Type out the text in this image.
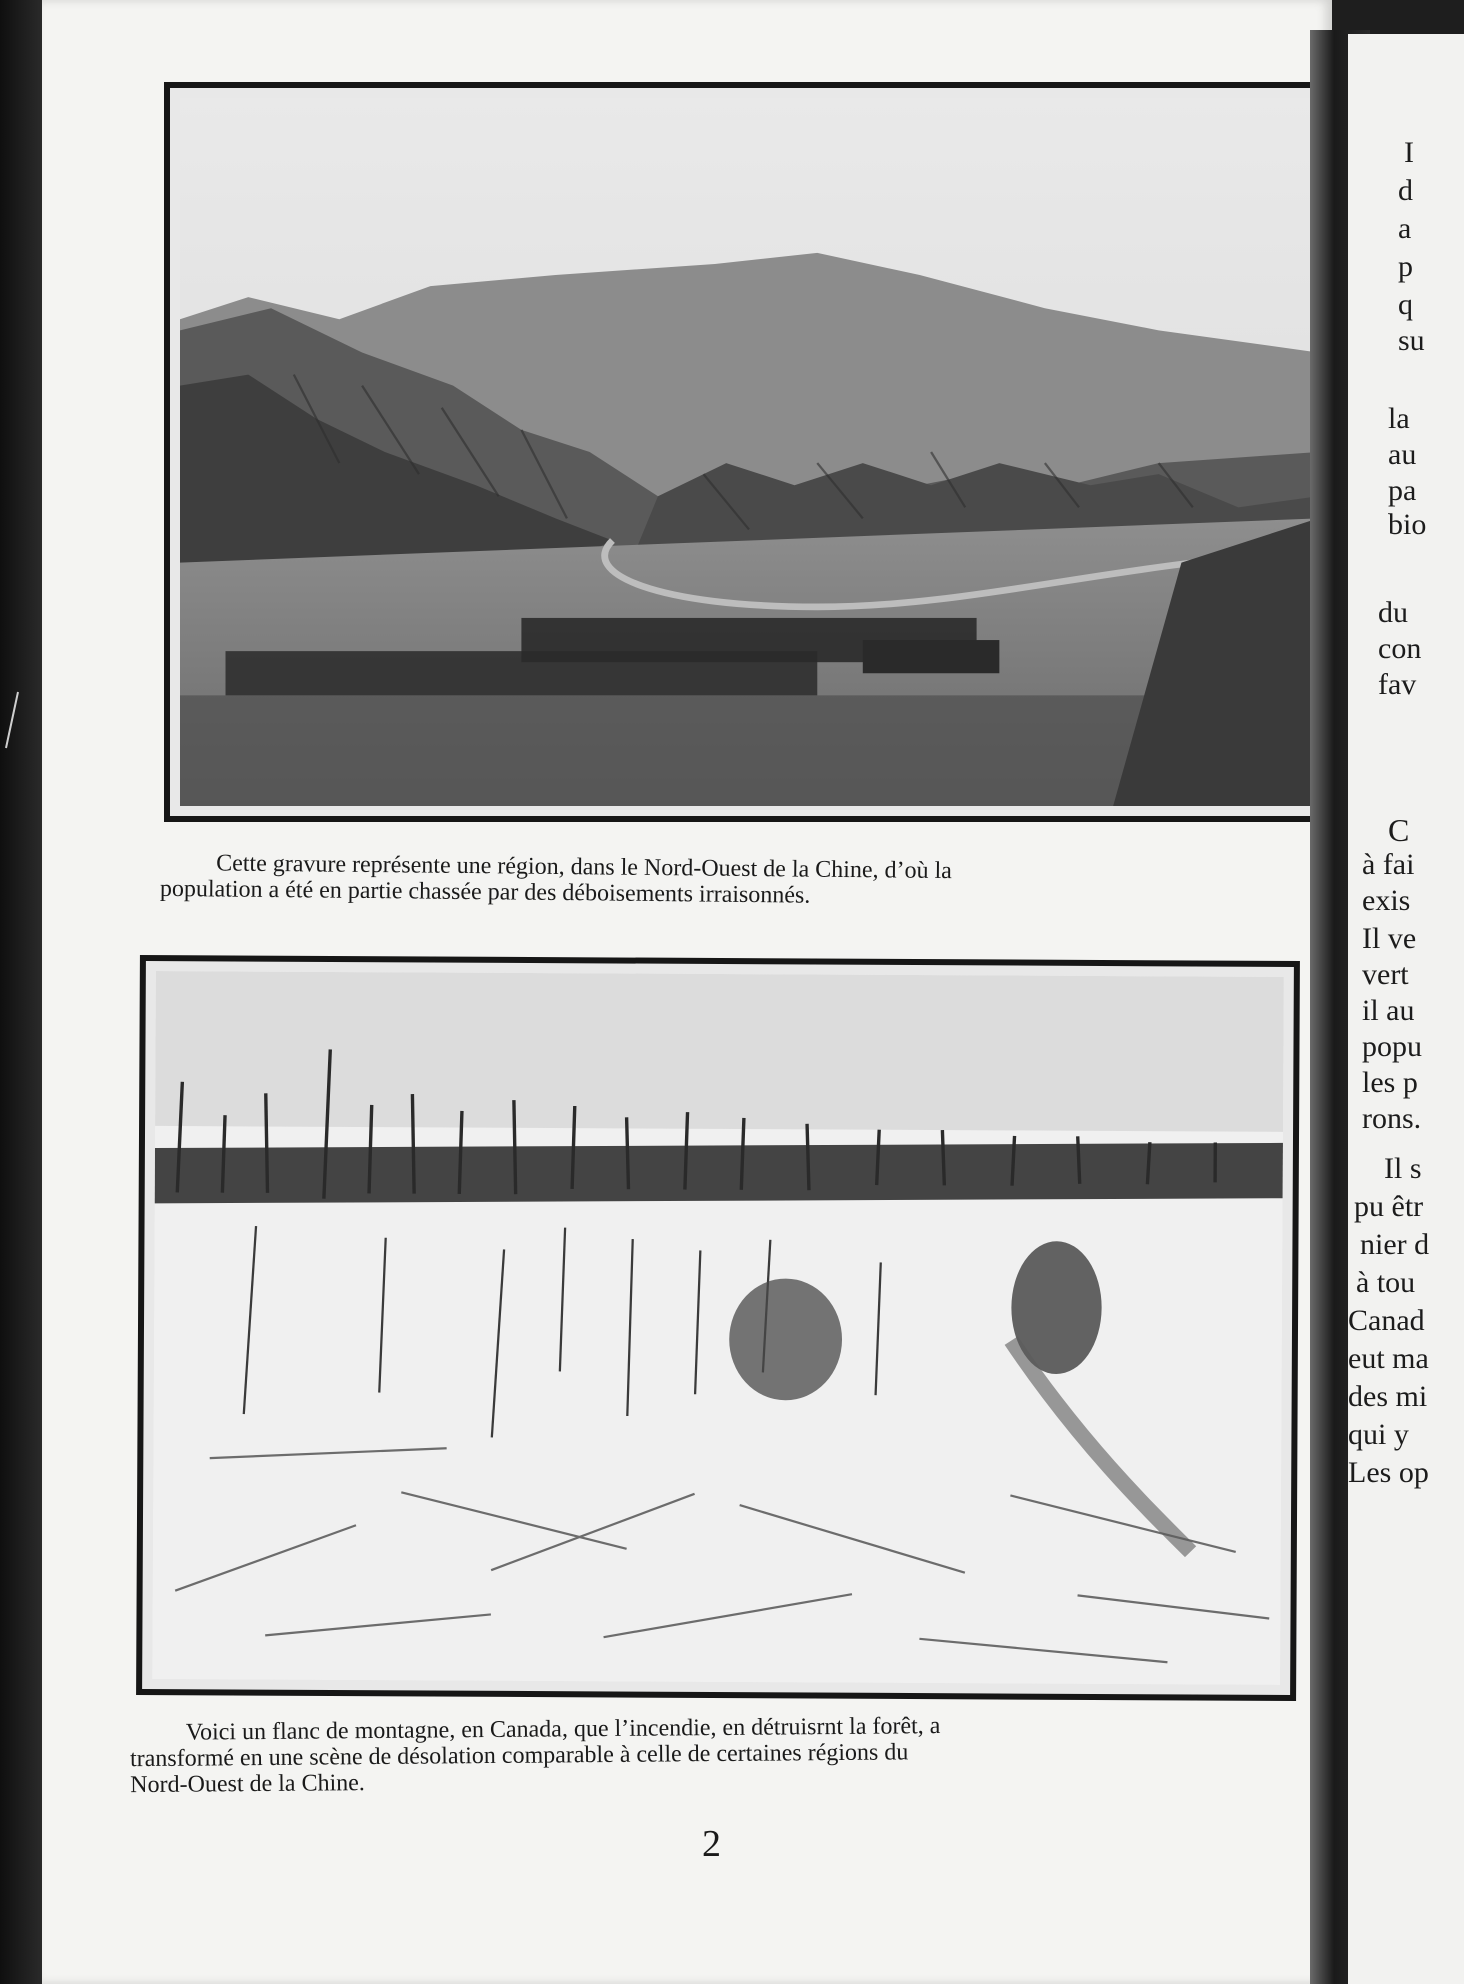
Cette gravure représente une région, dans le Nord-Ouest de la Chine, d’où la
population a été en partie chassée par des déboisements irraisonnés.
Voici un flanc de montagne, en Canada, que l’incendie, en détruisrnt la forêt, a
transformé en une scène de désolation comparable à celle de certaines régions du
Nord-Ouest de la Chine.
2
I
d
a
p
q
su
la
au
pa
bio
du
con
fav
C
à fai
exis
Il ve
vert
il au
popu
les p
rons.
Il s
pu êtr
nier d
à tou
Canad
eut ma
des mi
qui y
Les op
